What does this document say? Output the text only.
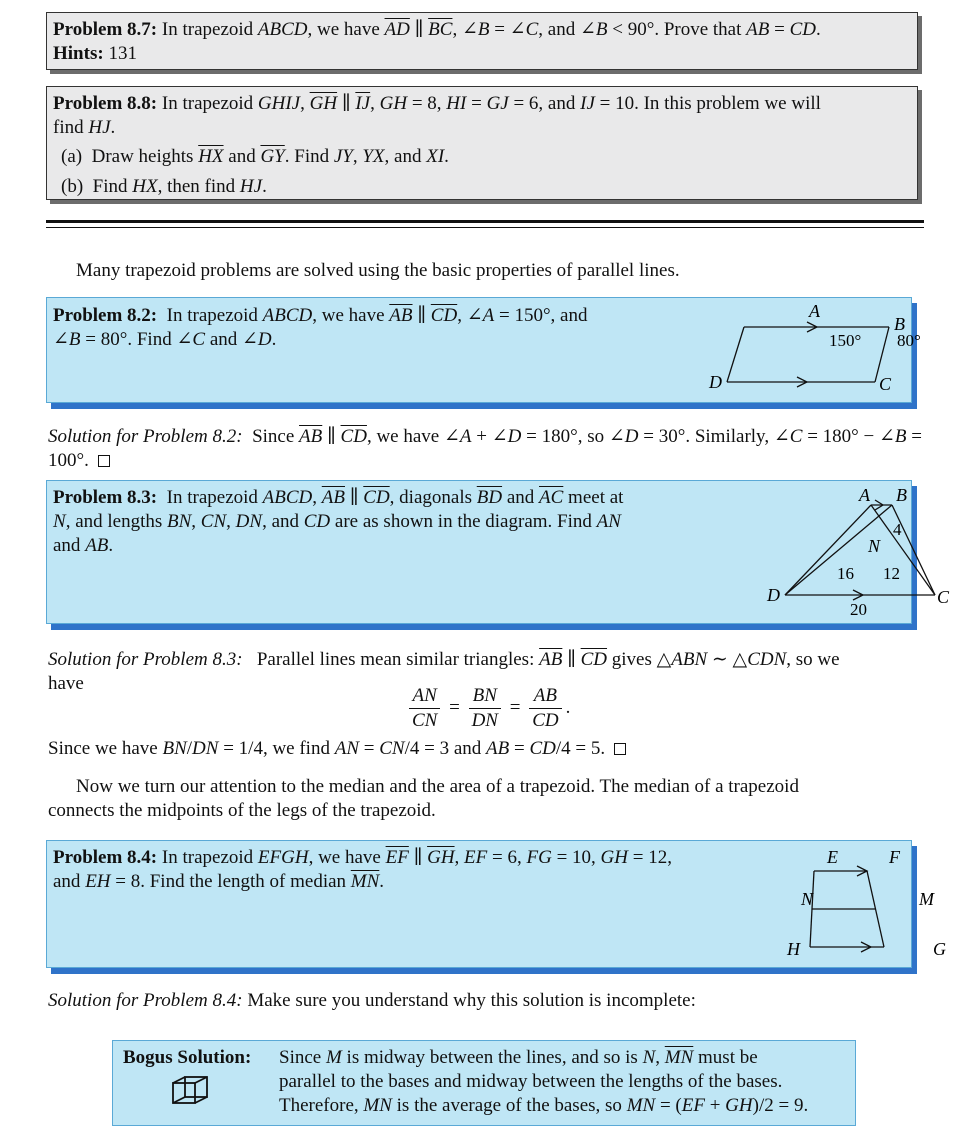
Problem 8.7: In trapezoid ABCD, we have $\overline{AD}$ ∥ $\overline{BC}$, ∠B = ∠C, and ∠B < 90°. Prove that AB = CD.
Hints: 131
Problem 8.8: In trapezoid GHIJ, $\overline{GH}$ ∥ $\overline{IJ}$, GH = 8, HI = GJ = 6, and IJ = 10. In this problem we will
find HJ.
(a)  Draw heights $\overline{HX}$ and $\overline{GY}$. Find JY, YX, and XI.
(b)  Find HX, then find HJ.
Many trapezoid problems are solved using the basic properties of parallel lines.
Problem 8.2:  In trapezoid ABCD, we have $\overline{AB}$ ∥ $\overline{CD}$, ∠A = 150°, and
∠B = 80°. Find ∠C and ∠D.
A
B
C
D
150° 80°
Solution for Problem 8.2:  Since $\overline{AB}$ ∥ $\overline{CD}$, we have ∠A + ∠D = 180°, so ∠D = 30°. Similarly, ∠C = 180° − ∠B =
100°.
Problem 8.3:  In trapezoid ABCD, $\overline{AB}$ ∥ $\overline{CD}$, diagonals $\overline{BD}$ and $\overline{AC}$ meet at
N, and lengths BN, CN, DN, and CD are as shown in the diagram. Find AN
and AB.
A B
C
D
N
4
16 12
20
Solution for Problem 8.3:   Parallel lines mean similar triangles: $\overline{AB}$ ∥ $\overline{CD}$ gives △ABN ∼ △CDN, so we
have
$\frac{AN}{CN} = \frac{BN}{DN} = \frac{AB}{CD}$ .
Since we have BN/DN = 1/4, we find AN = CN/4 = 3 and AB = CD/4 = 5.
Now we turn our attention to the median and the area of a trapezoid. The median of a trapezoid
connects the midpoints of the legs of the trapezoid.
Problem 8.4: In trapezoid EFGH, we have $\overline{EF}$ ∥ $\overline{GH}$, EF = 6, FG = 10, GH = 12,
and EH = 8. Find the length of median $\overline{MN}$.
E	F
G
H
M
N
Solution for Problem 8.4: Make sure you understand why this solution is incomplete:
Bogus Solution: Since M is midway between the lines, and so is N, $\overline{MN}$ must be
parallel to the bases and midway between the lengths of the bases.
Therefore, MN is the average of the bases, so MN = (EF + GH)/2 = 9.
